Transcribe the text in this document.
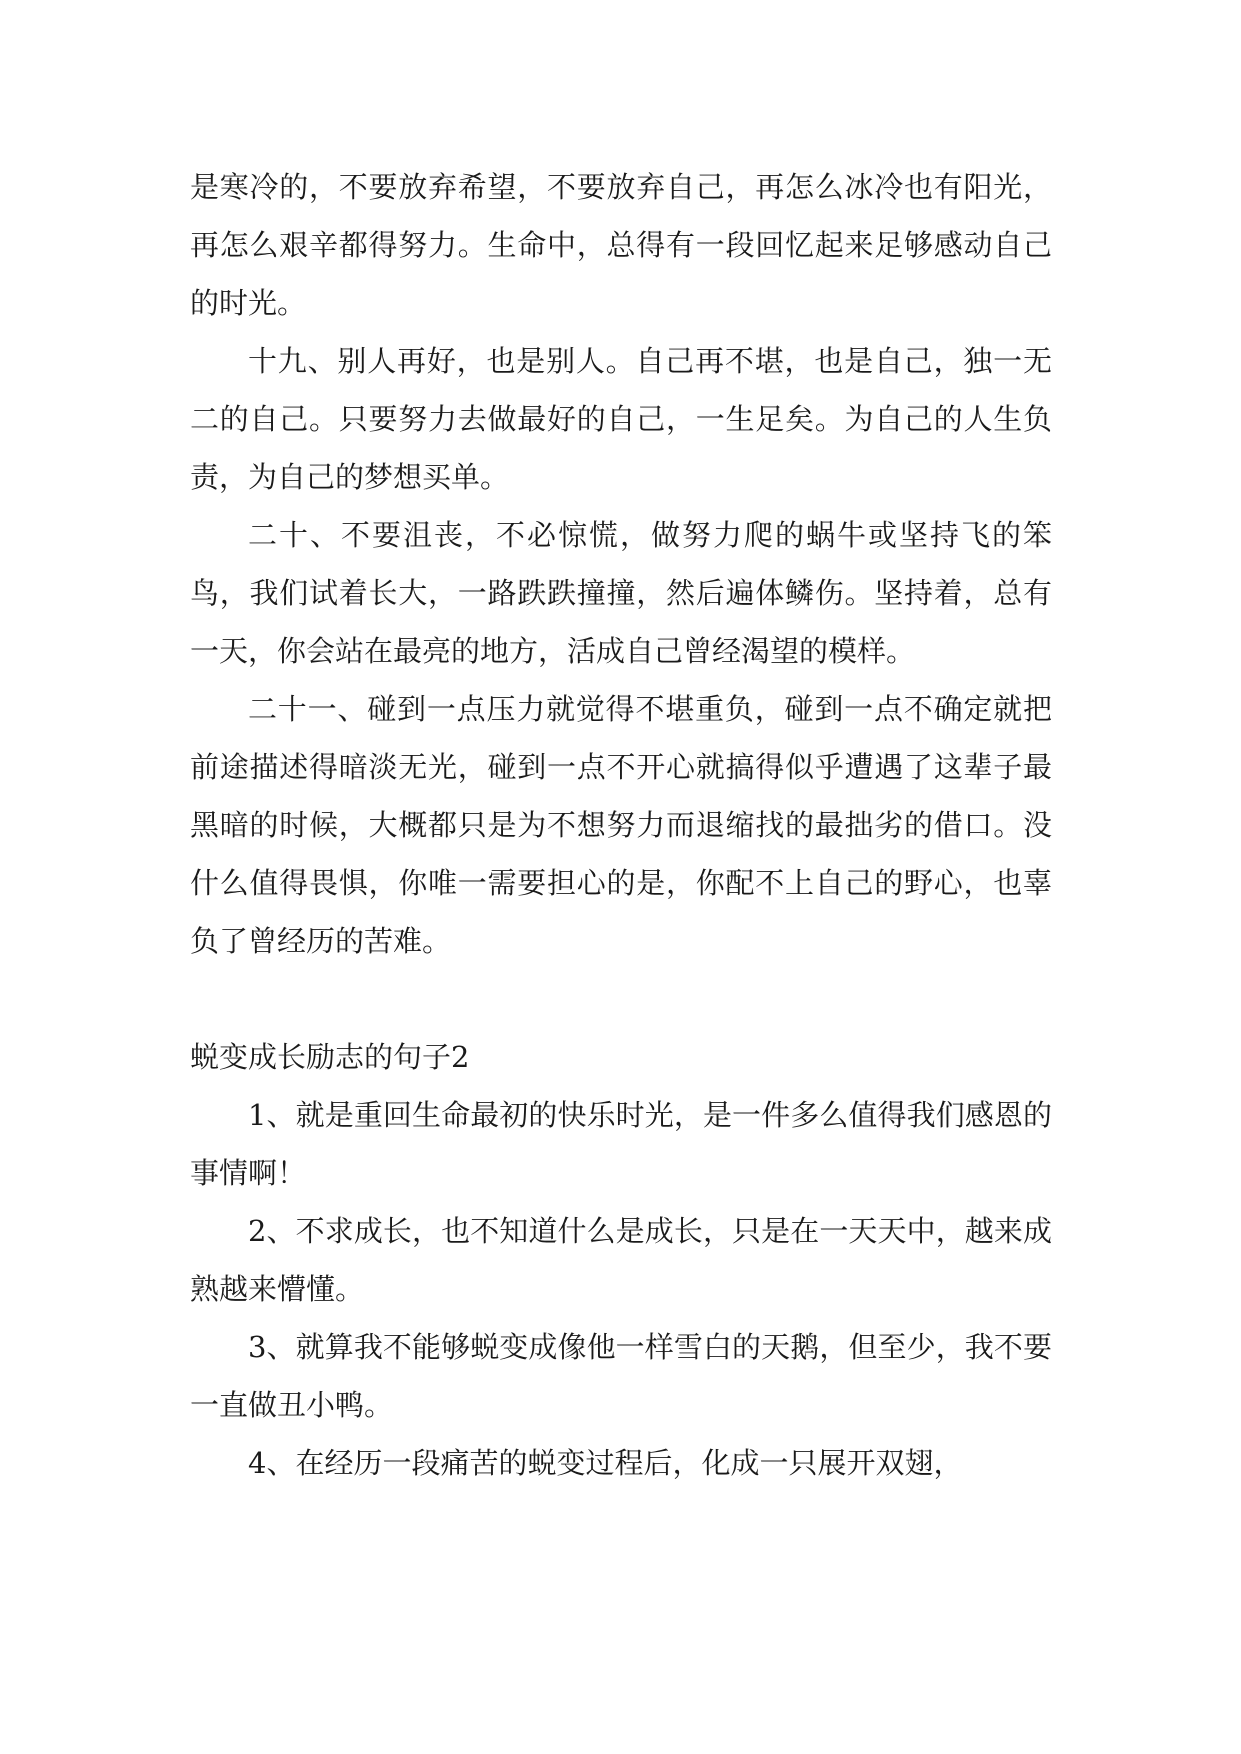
是寒冷的，不要放弃希望，不要放弃自己，再怎么冰冷也有阳光，再怎么艰辛都得努力。生命中，总得有一段回忆起来足够感动自己的时光。

十九、别人再好，也是别人。自己再不堪，也是自己，独一无二的自己。只要努力去做最好的自己，一生足矣。为自己的人生负责，为自己的梦想买单。

二十、不要沮丧，不必惊慌，做努力爬的蜗牛或坚持飞的笨鸟，我们试着长大，一路跌跌撞撞，然后遍体鳞伤。坚持着，总有一天，你会站在最亮的地方，活成自己曾经渴望的模样。

二十一、碰到一点压力就觉得不堪重负，碰到一点不确定就把前途描述得暗淡无光，碰到一点不开心就搞得似乎遭遇了这辈子最黑暗的时候，大概都只是为不想努力而退缩找的最拙劣的借口。没什么值得畏惧，你唯一需要担心的是，你配不上自己的野心，也辜负了曾经历的苦难。

蜕变成长励志的句子2

1、就是重回生命最初的快乐时光，是一件多么值得我们感恩的事情啊！

2、不求成长，也不知道什么是成长，只是在一天天中，越来成熟越来懵懂。

3、就算我不能够蜕变成像他一样雪白的天鹅，但至少，我不要一直做丑小鸭。

4、在经历一段痛苦的蜕变过程后，化成一只展开双翅，
